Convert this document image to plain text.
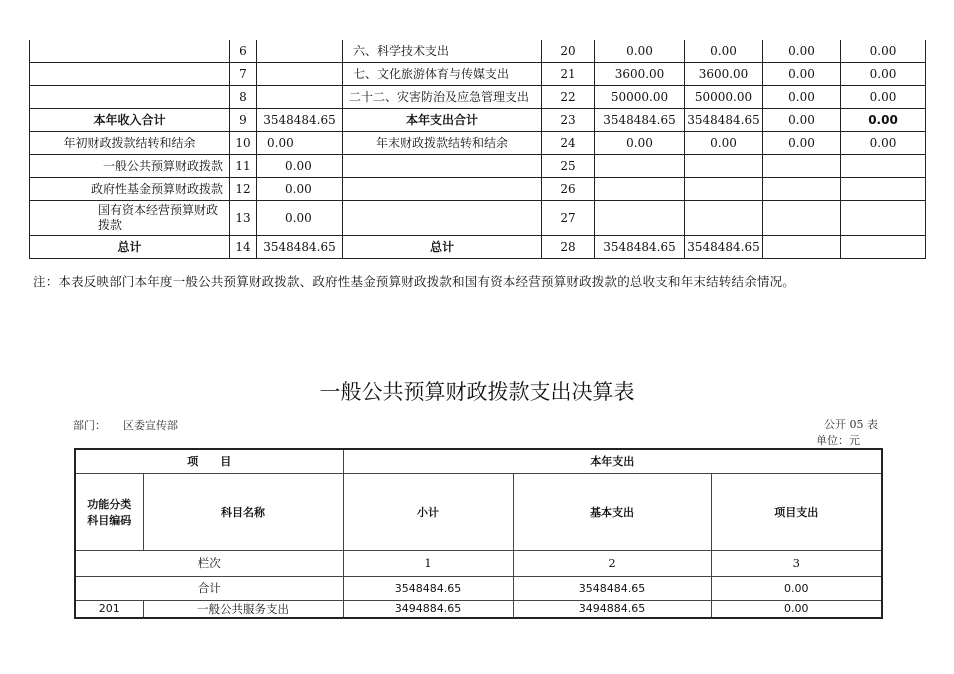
	6		六、科学技术支出	20	0.00	0.00	0.00	0.00
	7		七、文化旅游体育与传媒支出	21	3600.00	3600.00	0.00	0.00
	8		二十二、灾害防治及应急管理支出	22	50000.00	50000.00	0.00	0.00
本年收入合计	9	3548484.65	本年支出合计	23	3548484.65	3548484.65	0.00	0.00
年初财政拨款结转和结余	10	0.00	年末财政拨款结转和结余	24	0.00	0.00	0.00	0.00
一般公共预算财政拨款	11	0.00		25				
政府性基金预算财政拨款	12	0.00		26				

国有资本经营预算财政拨款	13	0.00		27				
总计	14	3548484.65	总计	28	3548484.65	3548484.65		
注：本表反映部门本年度一般公共预算财政拨款、政府性基金预算财政拨款和国有资本经营预算财政拨款的总收支和年末结转结余情况。
一般公共预算财政拨款支出决算表
部门： 区委宣传部	公开 05 表
单位：元
项　　目		本年支出		

功能分类
科目编码	科目名称	小计	基本支出	项目支出
栏次		1	2	3
合计		3548484.65	3548484.65	0.00
201	一般公共服务支出	3494884.65	3494884.65	0.00
